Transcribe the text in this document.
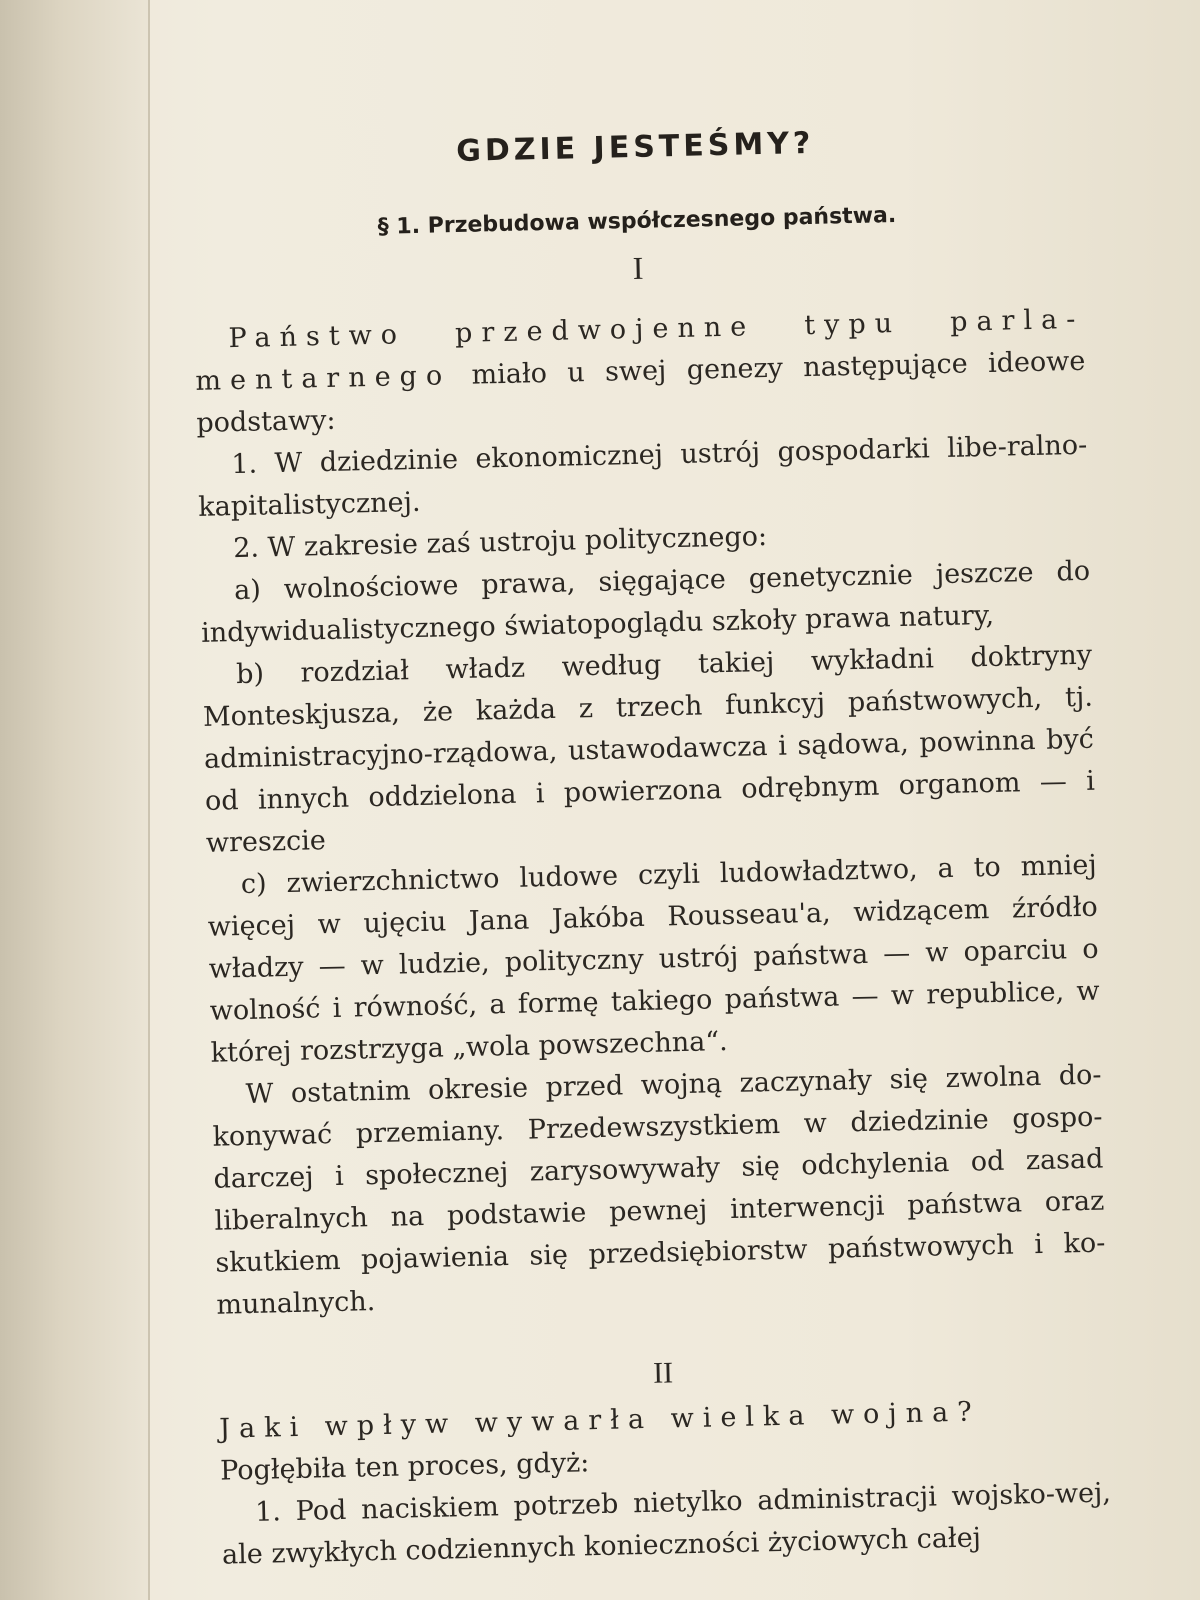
GDZIE JESTEŚMY?
§ 1. Przebudowa współczesnego państwa.
I

Państwo przedwojenne typu parla-mentarnego miało u swej genezy następujące ideowe podstawy:

1. W dziedzinie ekonomicznej ustrój gospodarki libe-ralno-kapitalistycznej.

2. W zakresie zaś ustroju politycznego:

a) wolnościowe prawa, sięgające genetycznie jeszcze do indywidualistycznego światopoglądu szkoły prawa natury,

b) rozdział władz według takiej wykładni doktryny Monteskjusza, że każda z trzech funkcyj państwowych, tj. administracyjno-rządowa, ustawodawcza i sądowa, powinna być od innych oddzielona i powierzona odrębnym organom — i wreszcie

c) zwierzchnictwo ludowe czyli ludowładztwo, a to mniej więcej w ujęciu Jana Jakóba Rousseau'a, widzącem źródło władzy — w ludzie, polityczny ustrój państwa — w oparciu o wolność i równość, a formę takiego państwa — w republice, w której rozstrzyga „wola powszechna“.

W ostatnim okresie przed wojną zaczynały się zwolna do-konywać przemiany. Przedewszystkiem w dziedzinie gospo-darczej i społecznej zarysowywały się odchylenia od zasad liberalnych na podstawie pewnej interwencji państwa oraz skutkiem pojawienia się przedsiębiorstw państwowych i ko-munalnych.

II

Jaki wpływ wywarła wielka wojna?

Pogłębiła ten proces, gdyż:

1. Pod naciskiem potrzeb nietylko administracji wojsko-wej, ale zwykłych codziennych konieczności życiowych całej
